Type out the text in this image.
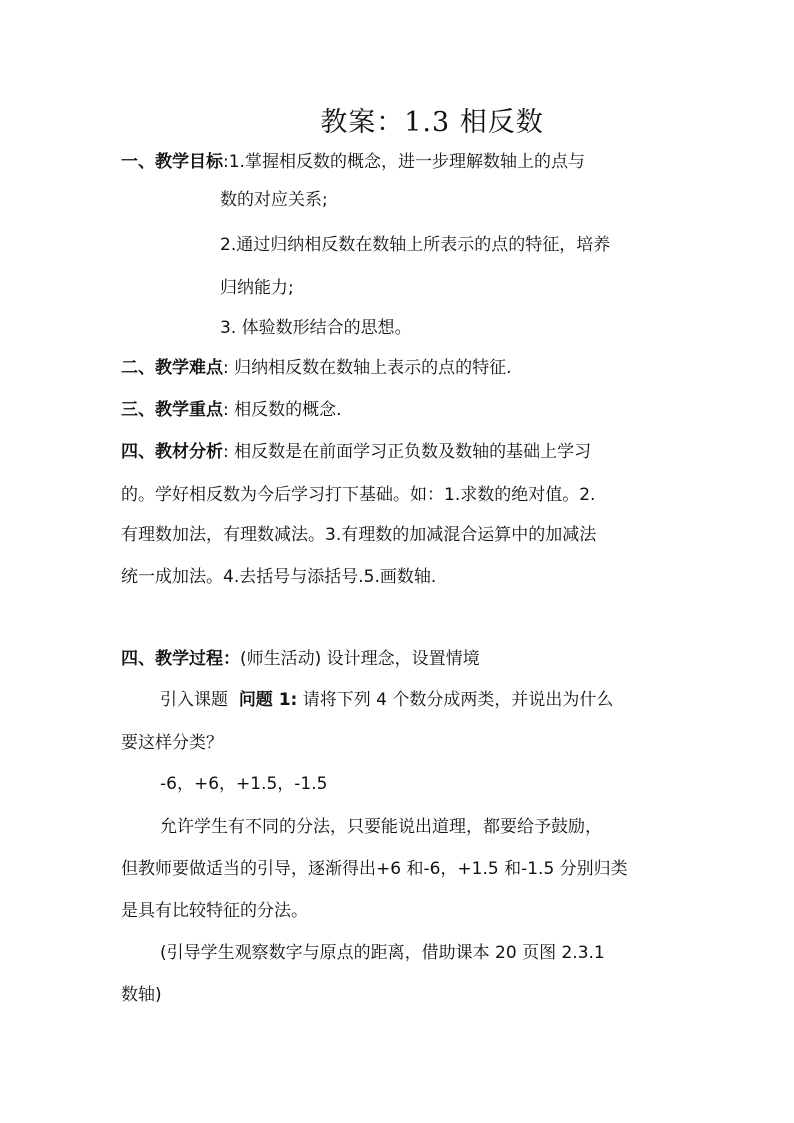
教案：1.3 相反数
一、教学目标:1.掌握相反数的概念，进一步理解数轴上的点与
数的对应关系;
2.通过归纳相反数在数轴上所表示的点的特征，培养
归纳能力;
3. 体验数形结合的思想。
二、教学难点: 归纳相反数在数轴上表示的点的特征.
三、教学重点: 相反数的概念.
四、教材分析: 相反数是在前面学习正负数及数轴的基础上学习
的。学好相反数为今后学习打下基础。如：1.求数的绝对值。2.
有理数加法，有理数减法。3.有理数的加减混合运算中的加减法
统一成加法。4.去括号与添括号.5.画数轴.
四、教学过程：(师生活动) 设计理念，设置情境
引入课题 问题 1: 请将下列 4 个数分成两类，并说出为什么
要这样分类？
-6，+6，+1.5，-1.5
允许学生有不同的分法，只要能说出道理，都要给予鼓励，
但教师要做适当的引导，逐渐得出+6 和-6，+1.5 和-1.5 分别归类
是具有比较特征的分法。
(引导学生观察数字与原点的距离，借助课本 20 页图 2.3.1
数轴)
